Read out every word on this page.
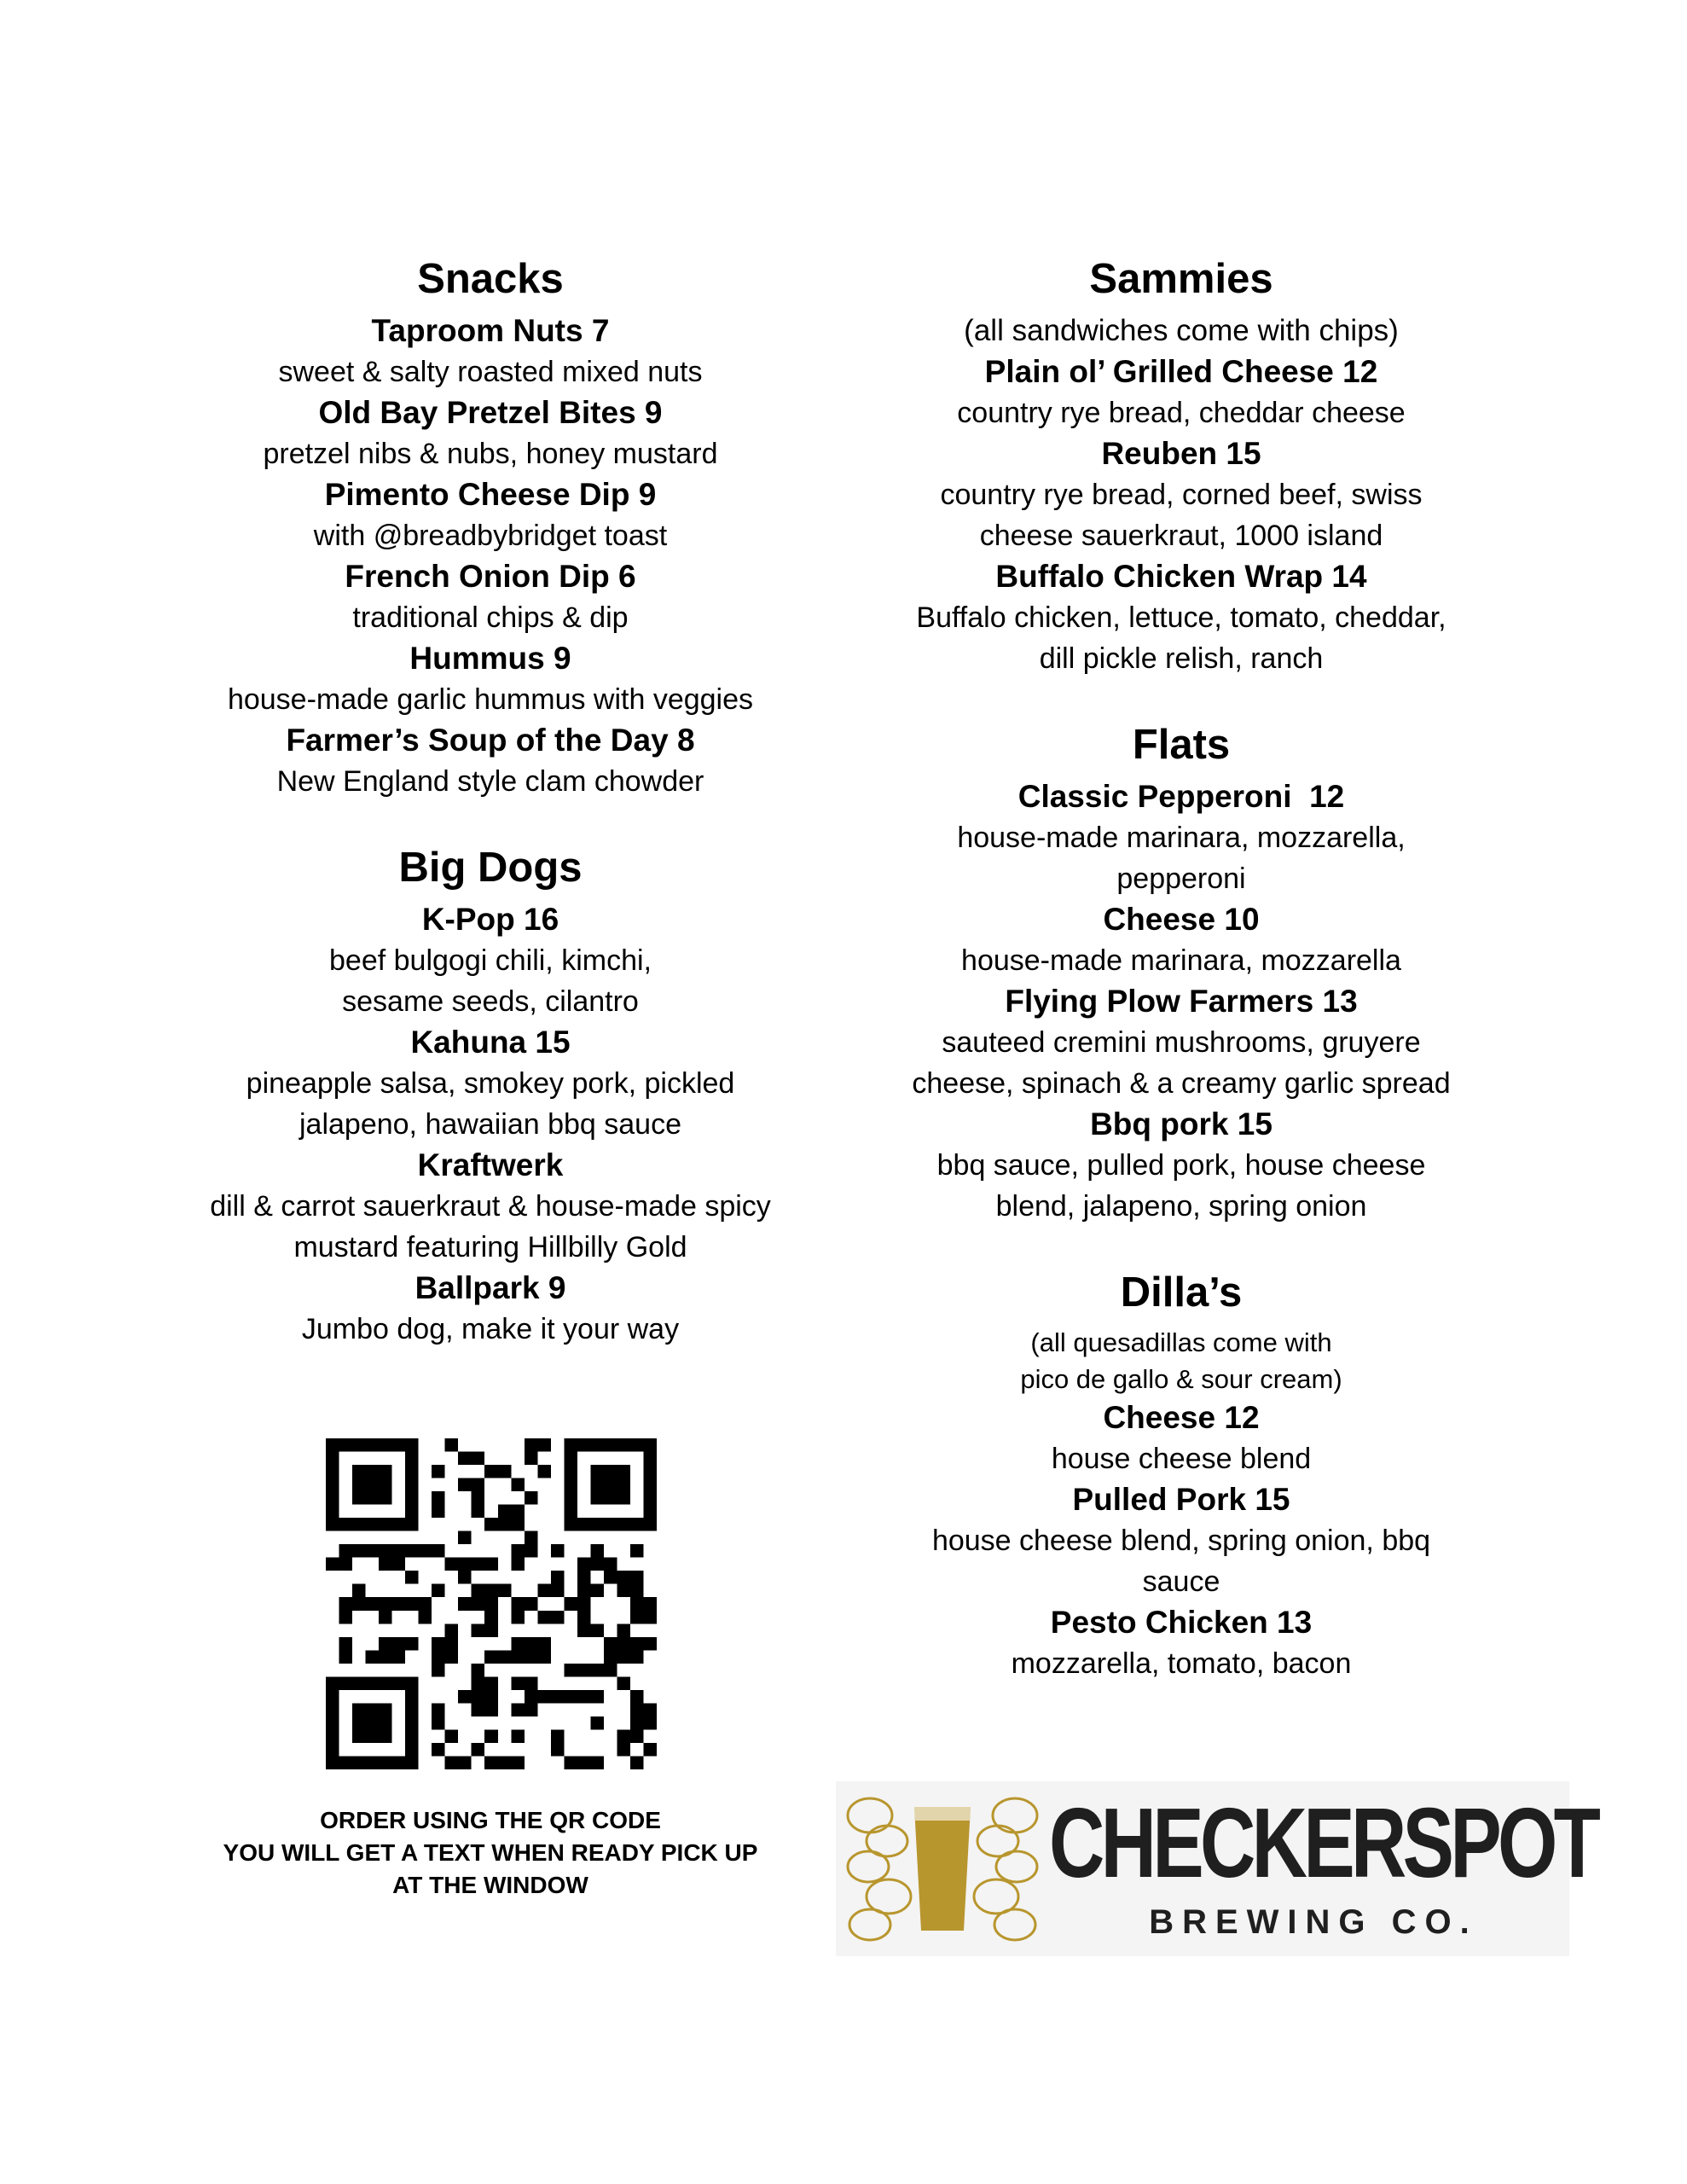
Snacks
Taproom Nuts 7
sweet & salty roasted mixed nuts
Old Bay Pretzel Bites 9
pretzel nibs & nubs, honey mustard
Pimento Cheese Dip 9
with @breadbybridget toast
French Onion Dip 6
traditional chips & dip
Hummus 9
house-made garlic hummus with veggies
Farmer’s Soup of the Day 8
New England style clam chowder
Big Dogs
K-Pop 16
beef bulgogi chili, kimchi,
sesame seeds, cilantro
Kahuna 15
pineapple salsa, smokey pork, pickled
jalapeno, hawaiian bbq sauce
Kraftwerk
dill & carrot sauerkraut & house-made spicy
mustard featuring Hillbilly Gold
Ballpark 9
Jumbo dog, make it your way
Sammies
(all sandwiches come with chips)
Plain ol’ Grilled Cheese 12
country rye bread, cheddar cheese
Reuben 15
country rye bread, corned beef, swiss
cheese sauerkraut, 1000 island
Buffalo Chicken Wrap 14
Buffalo chicken, lettuce, tomato, cheddar,
dill pickle relish, ranch
Flats
Classic Pepperoni  12
house-made marinara, mozzarella,
pepperoni
Cheese 10
house-made marinara, mozzarella
Flying Plow Farmers 13
sauteed cremini mushrooms, gruyere
cheese, spinach & a creamy garlic spread
Bbq pork 15
bbq sauce, pulled pork, house cheese
blend, jalapeno, spring onion
Dilla’s
(all quesadillas come with
pico de gallo & sour cream)
Cheese 12
house cheese blend
Pulled Pork 15
house cheese blend, spring onion, bbq
sauce
Pesto Chicken 13
mozzarella, tomato, bacon
ORDER USING THE QR CODE
YOU WILL GET A TEXT WHEN READY PICK UP
AT THE WINDOW	CHECKERSPOT
BREWING CO.
